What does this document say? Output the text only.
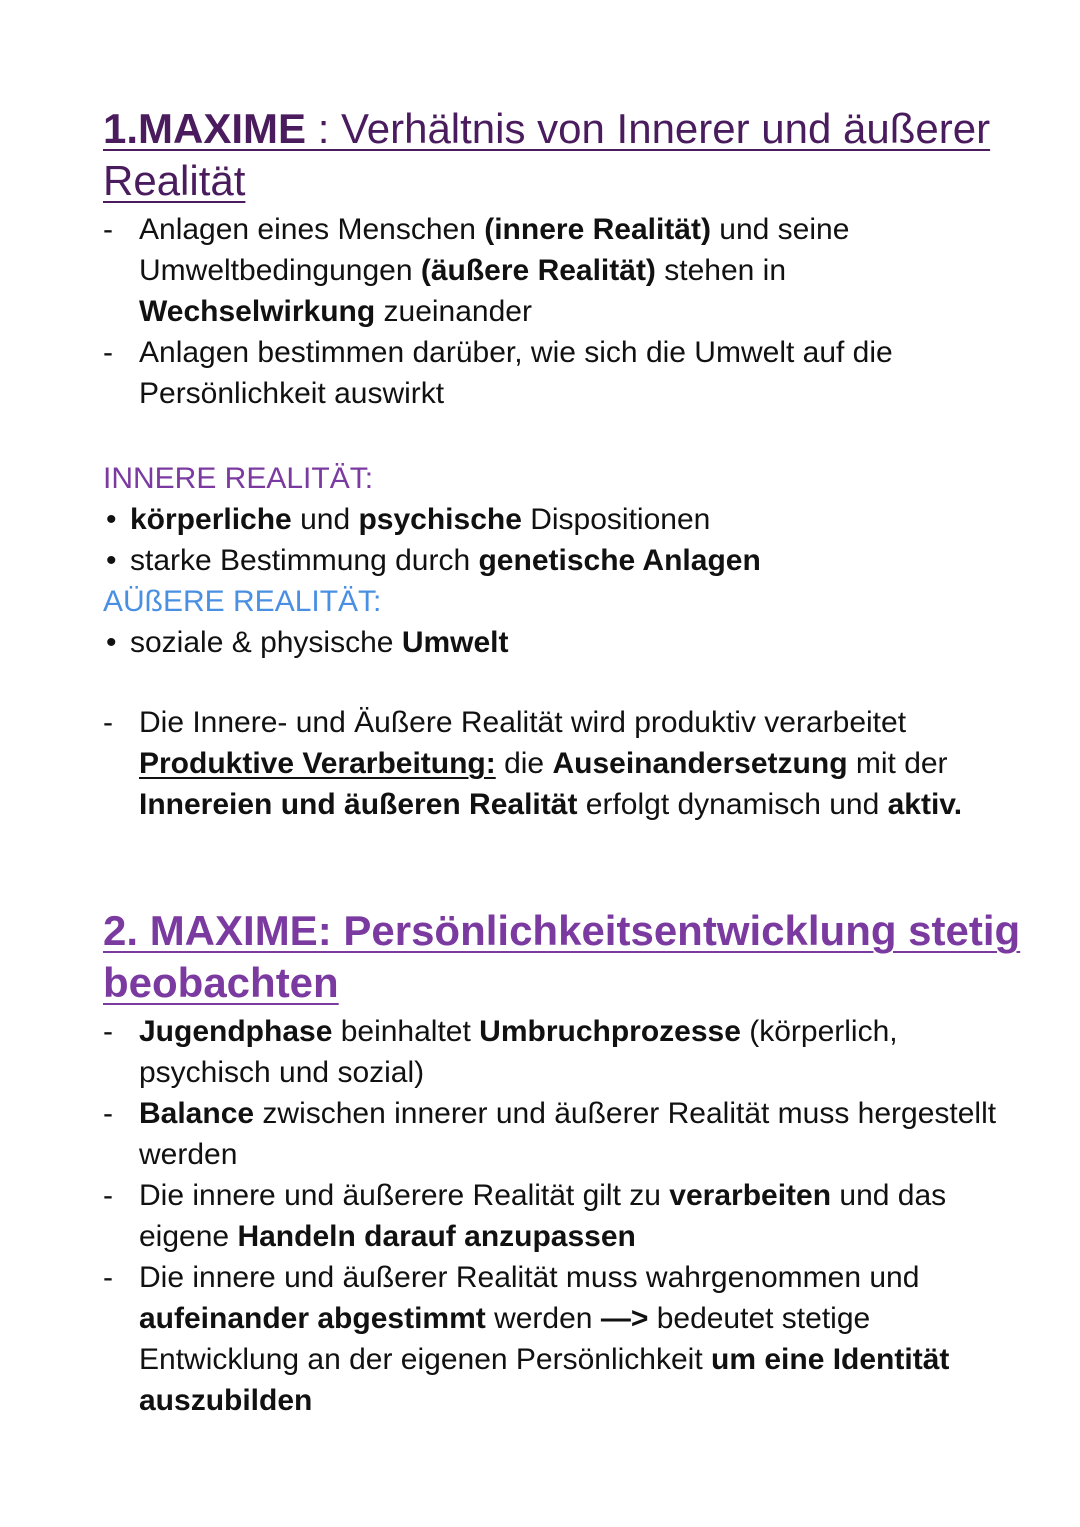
1.MAXIME : Verhältnis von Innerer und äußerer Realität
- Anlagen eines Menschen (innere Realität) und seine Umweltbedingungen (äußere Realität) stehen in Wechselwirkung zueinander
- Anlagen bestimmen darüber, wie sich die Umwelt auf die Persönlichkeit auswirkt
INNERE REALITÄT:
• körperliche und psychische Dispositionen
• starke Bestimmung durch genetische Anlagen
AÜßERE REALITÄT:
• soziale & physische Umwelt
- Die Innere- und Äußere Realität wird produktiv verarbeitet Produktive Verarbeitung: die Auseinandersetzung mit der Innereien und äußeren Realität erfolgt dynamisch und aktiv.
2. MAXIME: Persönlichkeitsentwicklung stetig beobachten
- Jugendphase beinhaltet Umbruchprozesse (körperlich, psychisch und sozial)
- Balance zwischen innerer und äußerer Realität muss hergestellt werden
- Die innere und äußerere Realität gilt zu verarbeiten und das eigene Handeln darauf anzupassen
- Die innere und äußerer Realität muss wahrgenommen und aufeinander abgestimmt werden —> bedeutet stetige Entwicklung an der eigenen Persönlichkeit um eine Identität auszubilden
